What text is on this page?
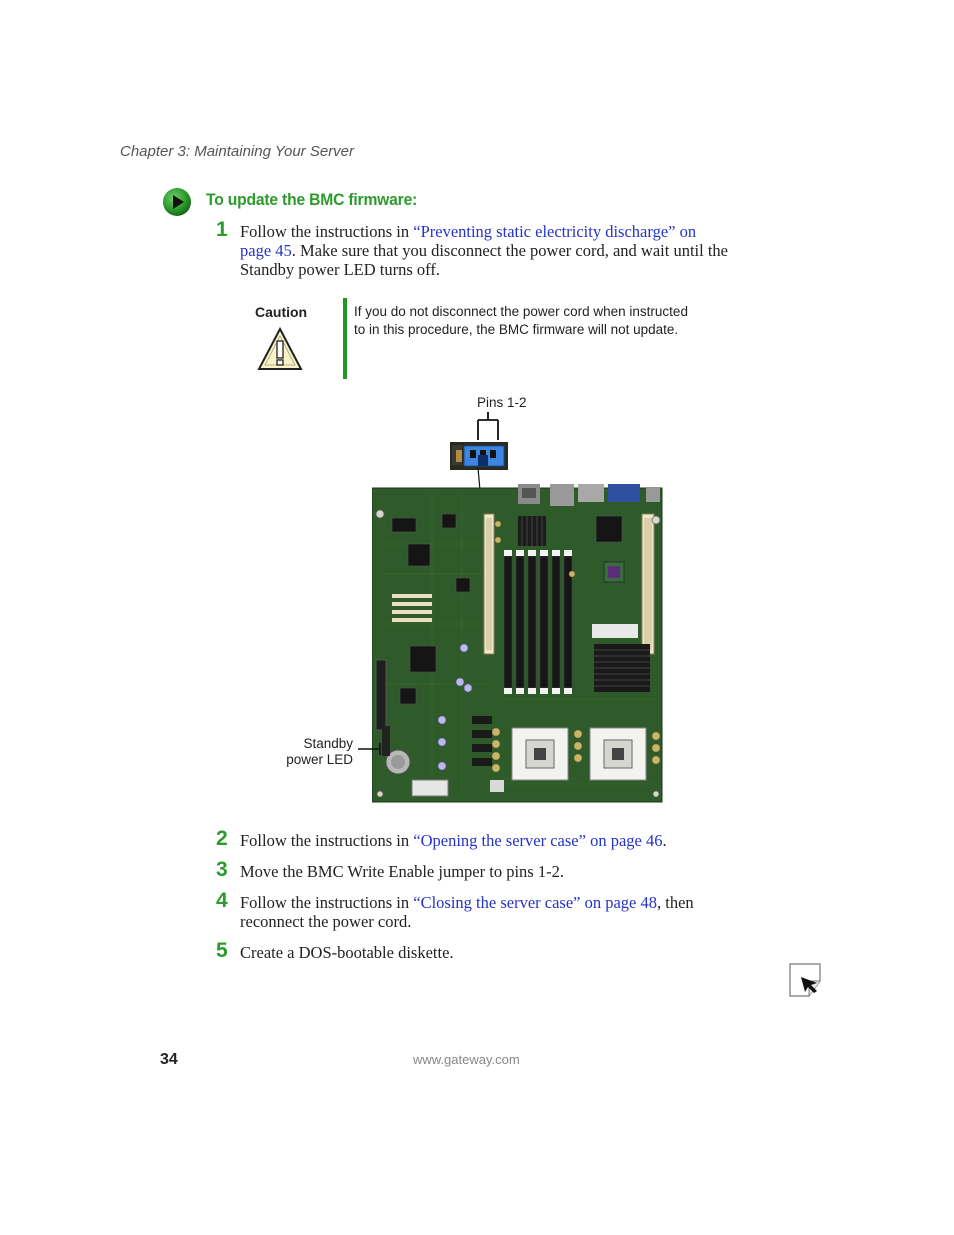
Chapter 3: Maintaining Your Server
To update the BMC firmware:
1 Follow the instructions in “Preventing static electricity discharge” on
page 45. Make sure that you disconnect the power cord, and wait until the
Standby power LED turns off.
Caution	If you do not disconnect the power cord when instructed
to in this procedure, the BMC firmware will not update.
Pins 1-2
Standby
power LED
2 Follow the instructions in “Opening the server case” on page 46.
3 Move the BMC Write Enable jumper to pins 1-2.
4 Follow the instructions in “Closing the server case” on page 48, then
reconnect the power cord.
5 Create a DOS-bootable diskette.
34	www.gateway.com
